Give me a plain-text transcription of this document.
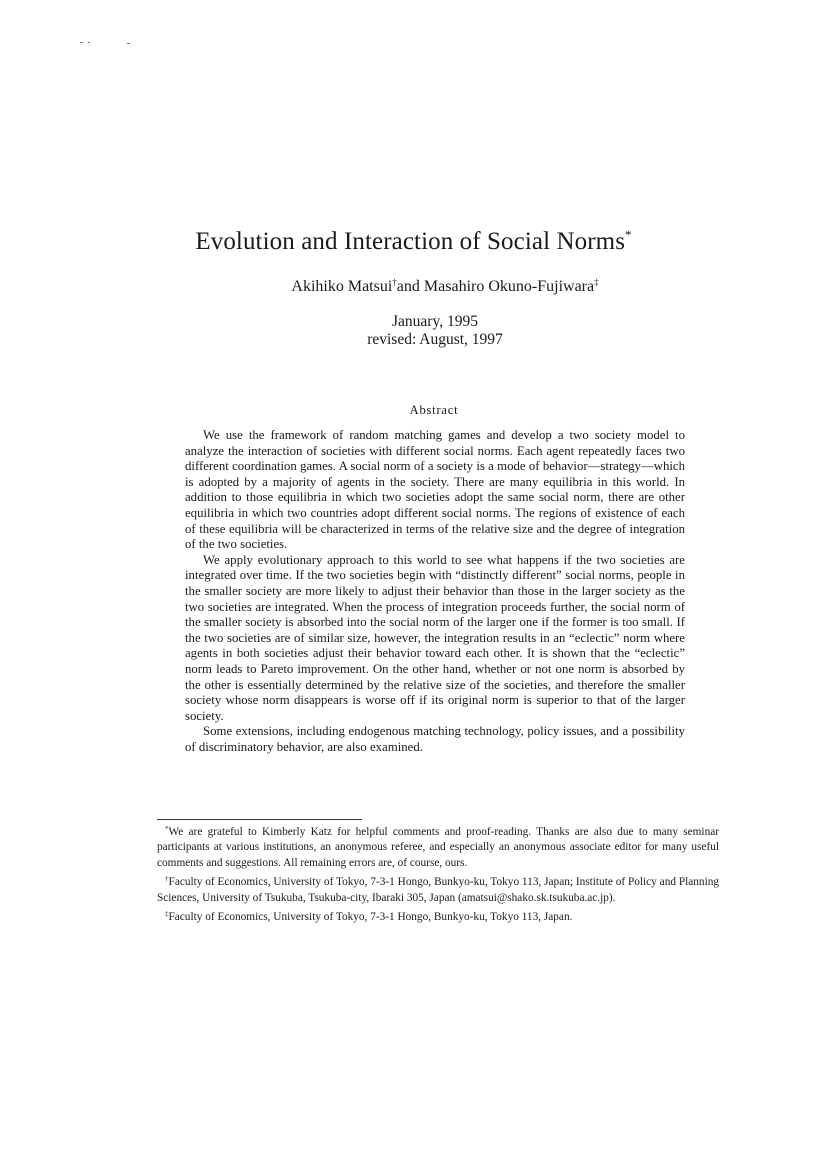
Evolution and Interaction of Social Norms*
Akihiko Matsui†and Masahiro Okuno-Fujiwara‡
January, 1995
revised: August, 1997
Abstract

We use the framework of random matching games and develop a two society model to analyze the interaction of societies with different social norms. Each agent repeatedly faces two different coordination games. A social norm of a society is a mode of behavior—strategy—which is adopted by a majority of agents in the society. There are many equilibria in this world. In addition to those equilibria in which two societies adopt the same social norm, there are other equilibria in which two countries adopt different social norms. The regions of existence of each of these equilibria will be characterized in terms of the relative size and the degree of integration of the two societies.

We apply evolutionary approach to this world to see what happens if the two societies are integrated over time. If the two societies begin with “distinctly different” social norms, people in the smaller society are more likely to adjust their behavior than those in the larger society as the two societies are integrated. When the process of integration proceeds further, the social norm of the smaller society is absorbed into the social norm of the larger one if the former is too small. If the two societies are of similar size, however, the integration results in an “eclectic” norm where agents in both societies adjust their behavior toward each other. It is shown that the “eclectic” norm leads to Pareto improvement. On the other hand, whether or not one norm is absorbed by the other is essentially determined by the relative size of the societies, and therefore the smaller society whose norm disappears is worse off if its original norm is superior to that of the larger society.

Some extensions, including endogenous matching technology, policy issues, and a possibility of discriminatory behavior, are also examined.

*We are grateful to Kimberly Katz for helpful comments and proof-reading. Thanks are also due to many seminar participants at various institutions, an anonymous referee, and especially an anonymous associate editor for many useful comments and suggestions. All remaining errors are, of course, ours.

†Faculty of Economics, University of Tokyo, 7-3-1 Hongo, Bunkyo-ku, Tokyo 113, Japan; Institute of Policy and Planning Sciences, University of Tsukuba, Tsukuba-city, Ibaraki 305, Japan (amatsui@shako.sk.tsukuba.ac.jp).

‡Faculty of Economics, University of Tokyo, 7-3-1 Hongo, Bunkyo-ku, Tokyo 113, Japan.
